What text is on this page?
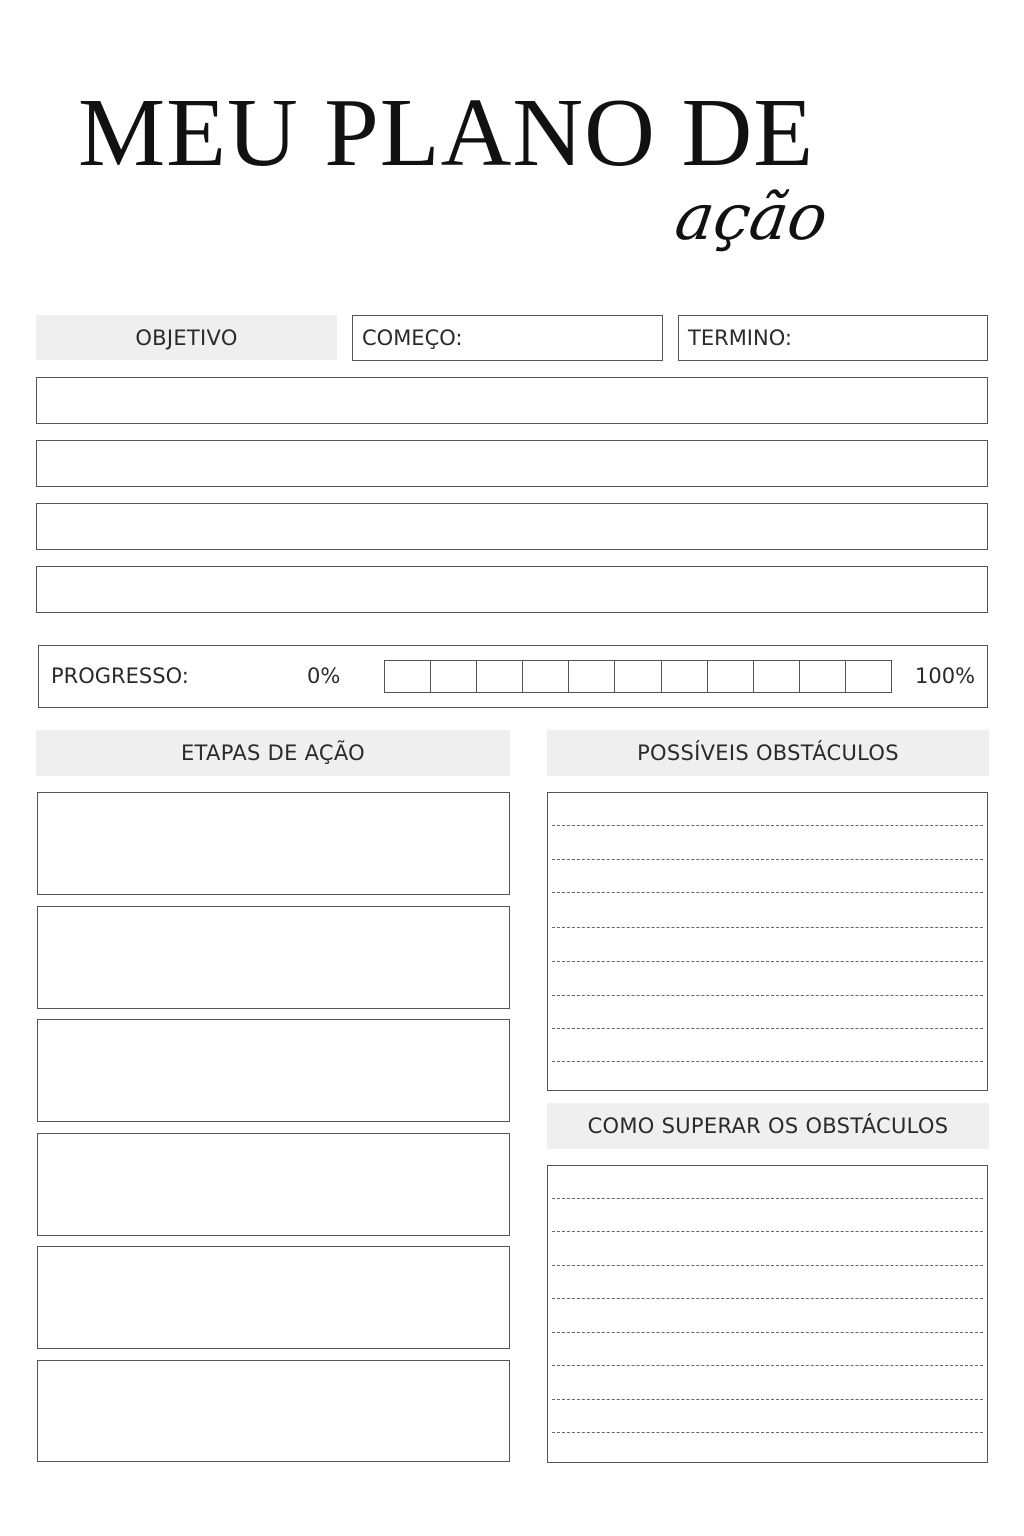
MEU PLANO DE
ação
OBJETIVO	COMEÇO:	TERMINO:
PROGRESSO:	0%	100%
ETAPAS DE AÇÃO	POSSÍVEIS OBSTÁCULOS
COMO SUPERAR OS OBSTÁCULOS
